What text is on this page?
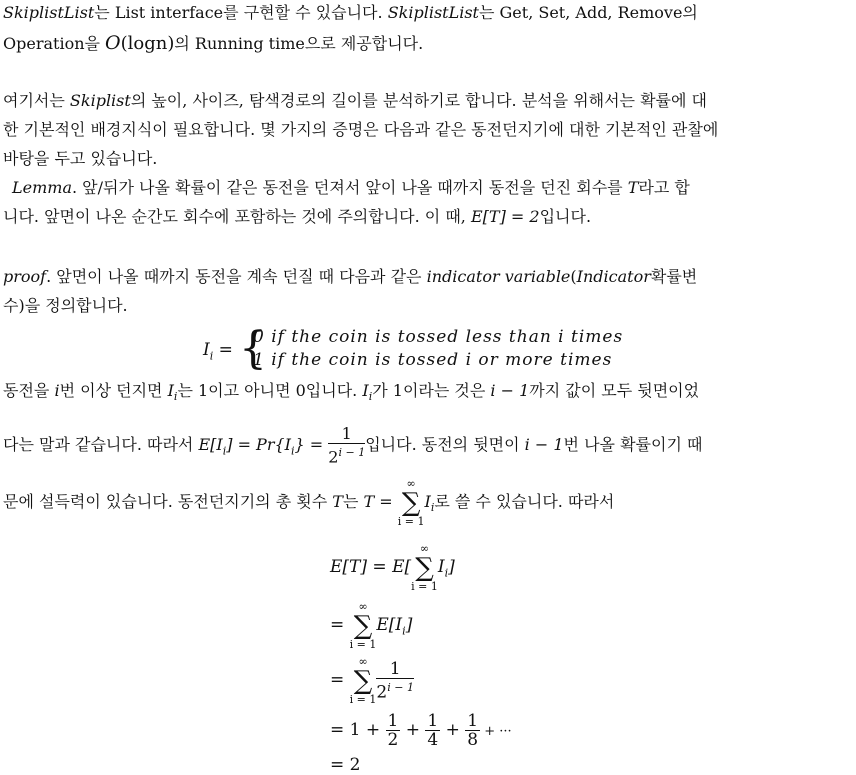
SkiplistList는 List interface를 구현할 수 있습니다. SkiplistList는 Get, Set, Add, Remove의
Operation을 O(logn)의 Running time으로 제공합니다.
여기서는 Skiplist의 높이, 사이즈, 탐색경로의 길이를 분석하기로 합니다. 분석을 위해서는 확률에 대
한 기본적인 배경지식이 필요합니다. 몇 가지의 증명은 다음과 같은 동전던지기에 대한 기본적인 관찰에
바탕을 두고 있습니다.
Lemma. 앞/뒤가 나올 확률이 같은 동전을 던져서 앞이 나올 때까지 동전을 던진 회수를 T라고 합
니다. 앞면이 나온 순간도 회수에 포함하는 것에 주의합니다. 이 때, E[T] = 2입니다.
proof. 앞면이 나올 때까지 동전을 계속 던질 때 다음과 같은 indicator variable(Indicator확률변
수)을 정의합니다.
$I_i$ = {
0 if the coin is tossed less than i times
1 if the coin is tossed i or more times
동전을 i번 이상 던지면 $I_i$는 1이고 아니면 0입니다. $I_i$가 1이라는 것은 i − 1까지 값이 모두 뒷면이었
다는 말과 같습니다. 따라서 $E[I_i] = Pr\{I_i\} = \frac{1}{2^{i - 1}}$ 입니다. 동전의 뒷면이 i − 1번 나올 확률이기 때
문에 설득력이 있습니다. 동전던지기의 총 횟수 T는 T =
∞
∑
i = 1
$I_i$로 쓸 수 있습니다. 따라서
E[T] = E[
∞
∑
i = 1
$I_i$]
=
∞
∑
i = 1
$E[I_i]$
=
∞
∑
$i = 1 \frac{1}{2^{i - 1}}$
= $1 + \frac{1}{2} + \frac{1}{4} + \frac{1}{8}$ + ···
= 2
